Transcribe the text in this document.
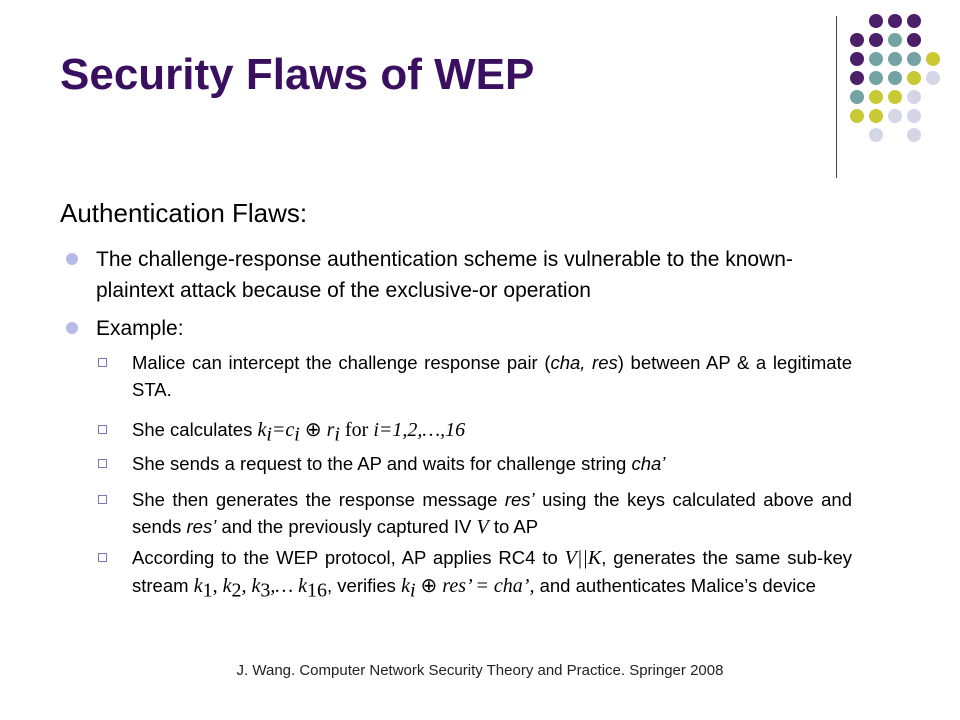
Security Flaws of WEP
Authentication Flaws:
The challenge-response authentication scheme is vulnerable to the known-plaintext attack because of the exclusive-or operation
Example:
Malice can intercept the challenge response pair (cha, res) between AP & a legitimate STA.
She calculates $k_i=c_i$ ⊕ $r_i$ for i=1,2,…,16
She sends a request to the AP and waits for challenge string cha’
She then generates the response message res’ using the keys calculated above and sends res’ and the previously captured IV V to AP
According to the WEP protocol, AP applies RC4 to V||K, generates the same sub-key stream $k_1$, $k_2$, $k_3,\dots$ $k_{16}$, verifies $k_i$ ⊕ res’ = cha’, and authenticates Malice’s device
J. Wang. Computer Network Security Theory and Practice. Springer 2008
